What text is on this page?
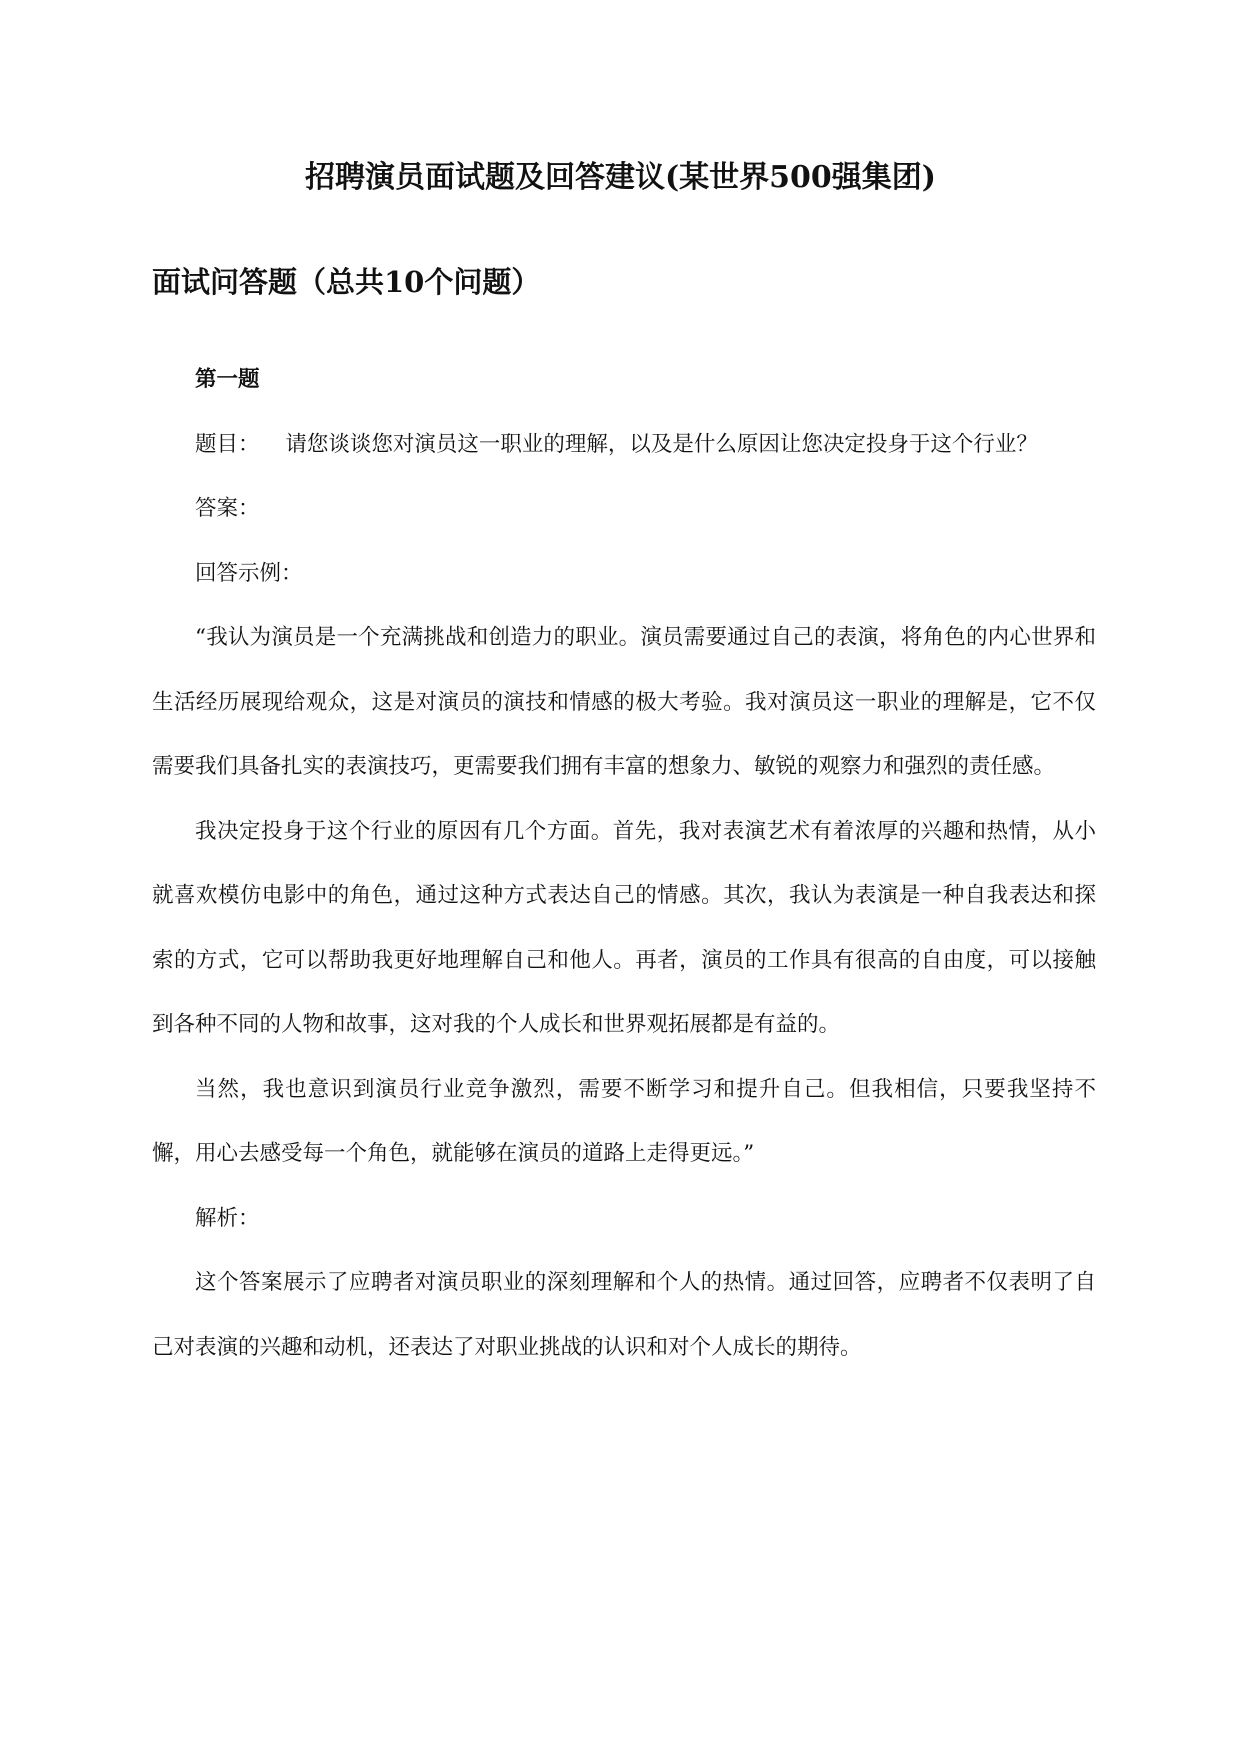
招聘演员面试题及回答建议(某世界500强集团)
面试问答题（总共10个问题）

第一题

题目： 请您谈谈您对演员这一职业的理解，以及是什么原因让您决定投身于这个行业？

答案：

回答示例：

“我认为演员是一个充满挑战和创造力的职业。演员需要通过自己的表演，将角色的内心世界和生活经历展现给观众，这是对演员的演技和情感的极大考验。我对演员这一职业的理解是，它不仅需要我们具备扎实的表演技巧，更需要我们拥有丰富的想象力、敏锐的观察力和强烈的责任感。

我决定投身于这个行业的原因有几个方面。首先，我对表演艺术有着浓厚的兴趣和热情，从小就喜欢模仿电影中的角色，通过这种方式表达自己的情感。其次，我认为表演是一种自我表达和探索的方式，它可以帮助我更好地理解自己和他人。再者，演员的工作具有很高的自由度，可以接触到各种不同的人物和故事，这对我的个人成长和世界观拓展都是有益的。

当然，我也意识到演员行业竞争激烈，需要不断学习和提升自己。但我相信，只要我坚持不懈，用心去感受每一个角色，就能够在演员的道路上走得更远。”

解析：

这个答案展示了应聘者对演员职业的深刻理解和个人的热情。通过回答，应聘者不仅表明了自己对表演的兴趣和动机，还表达了对职业挑战的认识和对个人成长的期待。
